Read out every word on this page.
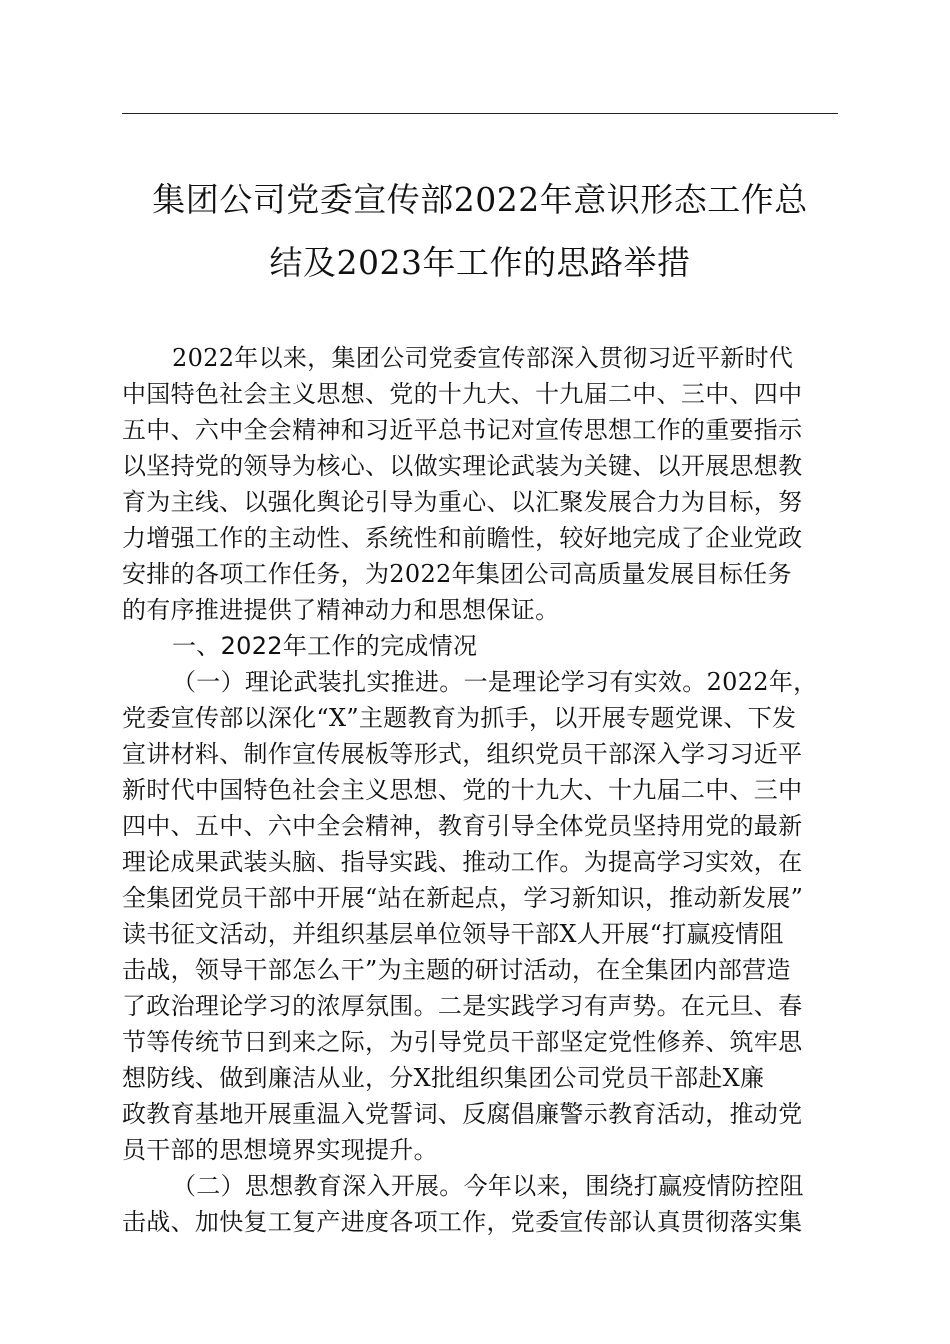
集团公司党委宣传部2022年意识形态工作总
结及2023年工作的思路举措

2022年以来，集团公司党委宣传部深入贯彻习近平新时代
中国特色社会主义思想、党的十九大、十九届二中、三中、四中
五中、六中全会精神和习近平总书记对宣传思想工作的重要指示
以坚持党的领导为核心、以做实理论武装为关键、以开展思想教
育为主线、以强化舆论引导为重心、以汇聚发展合力为目标，努
力增强工作的主动性、系统性和前瞻性，较好地完成了企业党政
安排的各项工作任务，为2022年集团公司高质量发展目标任务
的有序推进提供了精神动力和思想保证。

一、2022年工作的完成情况

（一）理论武装扎实推进。一是理论学习有实效。2022年，
党委宣传部以深化“X”主题教育为抓手，以开展专题党课、下发
宣讲材料、制作宣传展板等形式，组织党员干部深入学习习近平
新时代中国特色社会主义思想、党的十九大、十九届二中、三中
四中、五中、六中全会精神，教育引导全体党员坚持用党的最新
理论成果武装头脑、指导实践、推动工作。为提高学习实效，在
全集团党员干部中开展“站在新起点，学习新知识，推动新发展”
读书征文活动，并组织基层单位领导干部X人开展“打赢疫情阻
击战，领导干部怎么干”为主题的研讨活动，在全集团内部营造
了政治理论学习的浓厚氛围。二是实践学习有声势。在元旦、春
节等传统节日到来之际，为引导党员干部坚定党性修养、筑牢思
想防线、做到廉洁从业，分X批组织集团公司党员干部赴X廉
政教育基地开展重温入党誓词、反腐倡廉警示教育活动，推动党
员干部的思想境界实现提升。

（二）思想教育深入开展。今年以来，围绕打赢疫情防控阻
击战、加快复工复产进度各项工作，党委宣传部认真贯彻落实集
